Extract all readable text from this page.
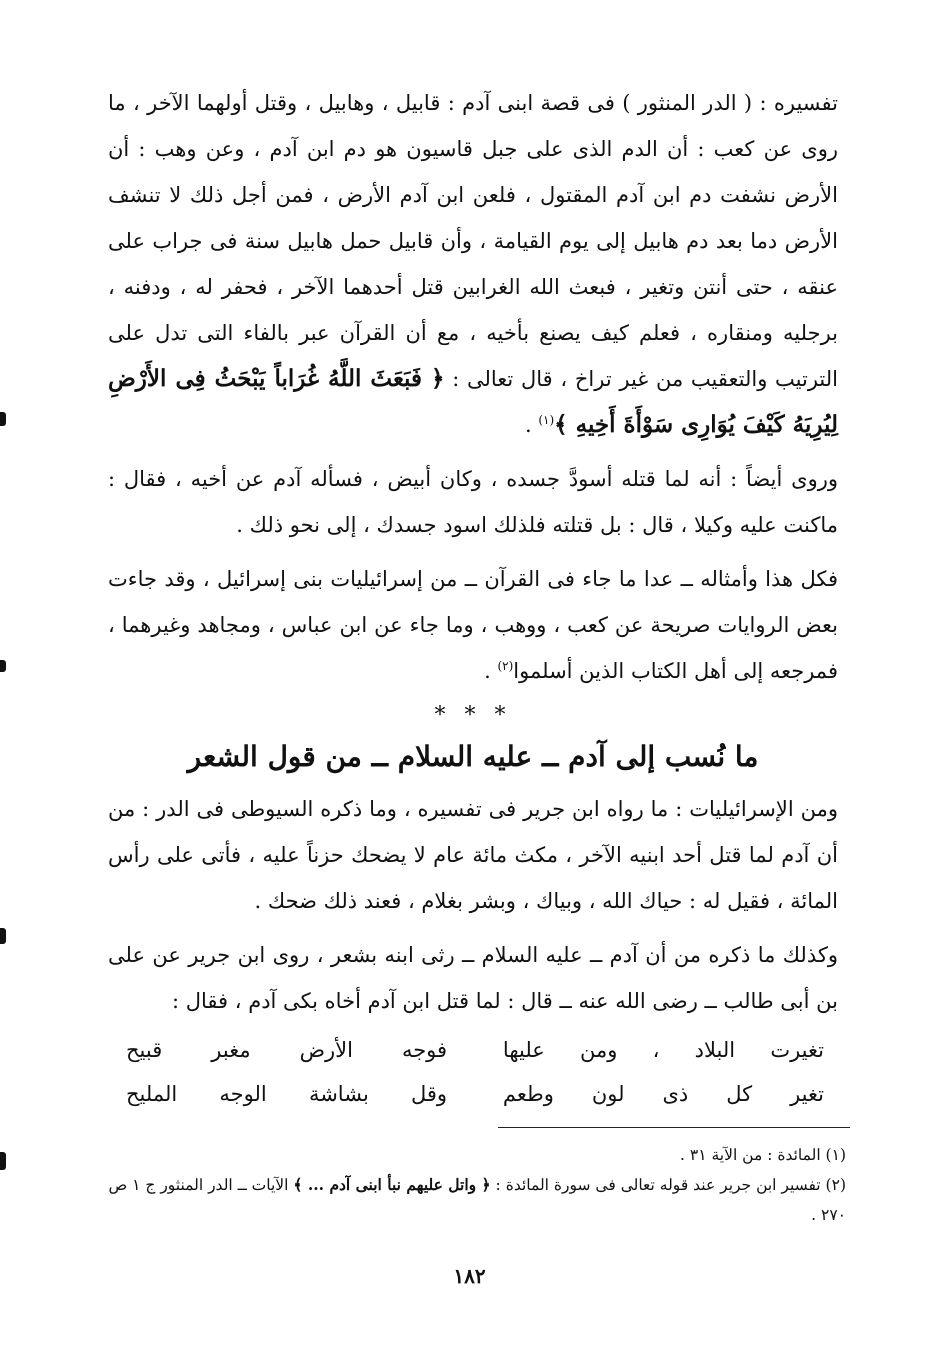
تفسيره : ( الدر المنثور ) فى قصة ابنى آدم : قابيل ، وهابيل ، وقتل أولهما الآخر ، ما روى عن كعب : أن الدم الذى على جبل قاسيون هو دم ابن آدم ، وعن وهب : أن الأرض نشفت دم ابن آدم المقتول ، فلعن ابن آدم الأرض ، فمن أجل ذلك لا تنشف الأرض دما بعد دم هابيل إلى يوم القيامة ، وأن قابيل حمل هابيل سنة فى جراب على عنقه ، حتى أنتن وتغير ، فبعث الله الغرابين قتل أحدهما الآخر ، فحفر له ، ودفنه ، برجليه ومنقاره ، فعلم كيف يصنع بأخيه ، مع أن القرآن عبر بالفاء التى تدل على الترتيب والتعقيب من غير تراخ ، قال تعالى : ﴿ فَبَعَثَ اللَّهُ غُرَاباً يَبْحَثُ فِى الأَرْضِ لِيُرِيَهُ كَيْفَ يُوَارِى سَوْأَةَ أَخِيهِ ﴾$^{(١)}$ .

وروى أيضاً : أنه لما قتله أسودَّ جسده ، وكان أبيض ، فسأله آدم عن أخيه ، فقال : ماكنت عليه وكيلا ، قال : بل قتلته فلذلك اسود جسدك ، إلى نحو ذلك .

فكل هذا وأمثاله ــ عدا ما جاء فى القرآن ــ من إسرائيليات بنى إسرائيل ، وقد جاءت بعض الروايات صريحة عن كعب ، ووهب ، وما جاء عن ابن عباس ، ومجاهد وغيرهما ، فمرجعه إلى أهل الكتاب الذين أسلموا$^{(٢)}$ .

* * *
ما نُسب إلى آدم ــ عليه السلام ــ من قول الشعر

ومن الإسرائيليات : ما رواه ابن جرير فى تفسيره ، وما ذكره السيوطى فى الدر : من أن آدم لما قتل أحد ابنيه الآخر ، مكث مائة عام لا يضحك حزناً عليه ، فأتى على رأس المائة ، فقيل له : حياك الله ، وبياك ، وبشر بغلام ، فعند ذلك ضحك .

وكذلك ما ذكره من أن آدم ــ عليه السلام ــ رثى ابنه بشعر ، روى ابن جرير عن على بن أبى طالب ــ رضى الله عنه ــ قال : لما قتل ابن آدم أخاه بكى آدم ، فقال :

تغيرت البلاد ، ومن عليها
فوجه الأرض مغبر قبيح
تغير كل ذى لون وطعم
وقل بشاشة الوجه المليح

(١) المائدة : من الآية ٣١ .

(٢) تفسير ابن جرير عند قوله تعالى فى سورة المائدة : ﴿ واتل عليهم نبأ ابنى آدم ... ﴾ الآيات ــ الدر المنثور ج ١ ص ٢٧٠ .

١٨٢
